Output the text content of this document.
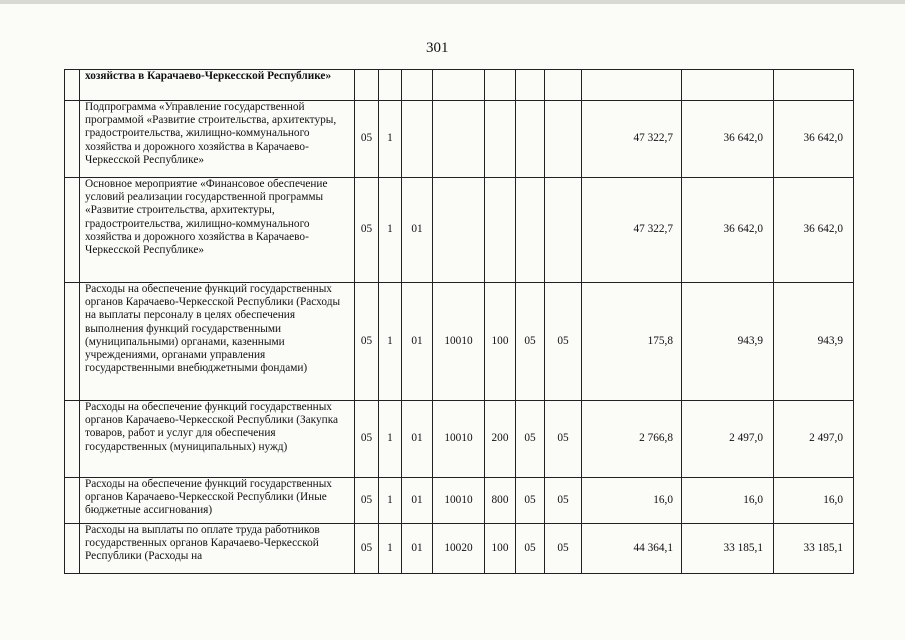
301
	хозяйства в Карачаево-Черкесской Республике»										
	Подпрограмма «Управление государственной программой «Развитие строительства, архитектуры, градостроительства, жилищно-коммунального хозяйства и дорожного хозяйства в Карачаево-Черкесской Республике»	05	1						47 322,7	36 642,0	36 642,0
	Основное мероприятие «Финансовое обеспечение условий реализации государственной программы «Развитие строительства, архитектуры, градостроительства, жилищно-коммунального хозяйства и дорожного хозяйства в Карачаево-Черкесской Республике»	05	1	01					47 322,7	36 642,0	36 642,0
	Расходы на обеспечение функций государственных органов Карачаево-Черкесской Республики (Расходы на выплаты персоналу в целях обеспечения выполнения функций государственными (муниципальными) органами, казенными учреждениями, органами управления государственными внебюджетными фондами)	05	1	01	10010	100	05	05	175,8	943,9	943,9
	Расходы на обеспечение функций государственных органов Карачаево-Черкесской Республики (Закупка товаров, работ и услуг для обеспечения государственных (муниципальных) нужд)	05	1	01	10010	200	05	05	2 766,8	2 497,0	2 497,0
	Расходы на обеспечение функций государственных органов Карачаево-Черкесской Республики (Иные бюджетные ассигнования)	05	1	01	10010	800	05	05	16,0	16,0	16,0
	Расходы на выплаты по оплате труда работников государственных органов Карачаево-Черкесской Республики (Расходы на	05	1	01	10020	100	05	05	44 364,1	33 185,1	33 185,1
